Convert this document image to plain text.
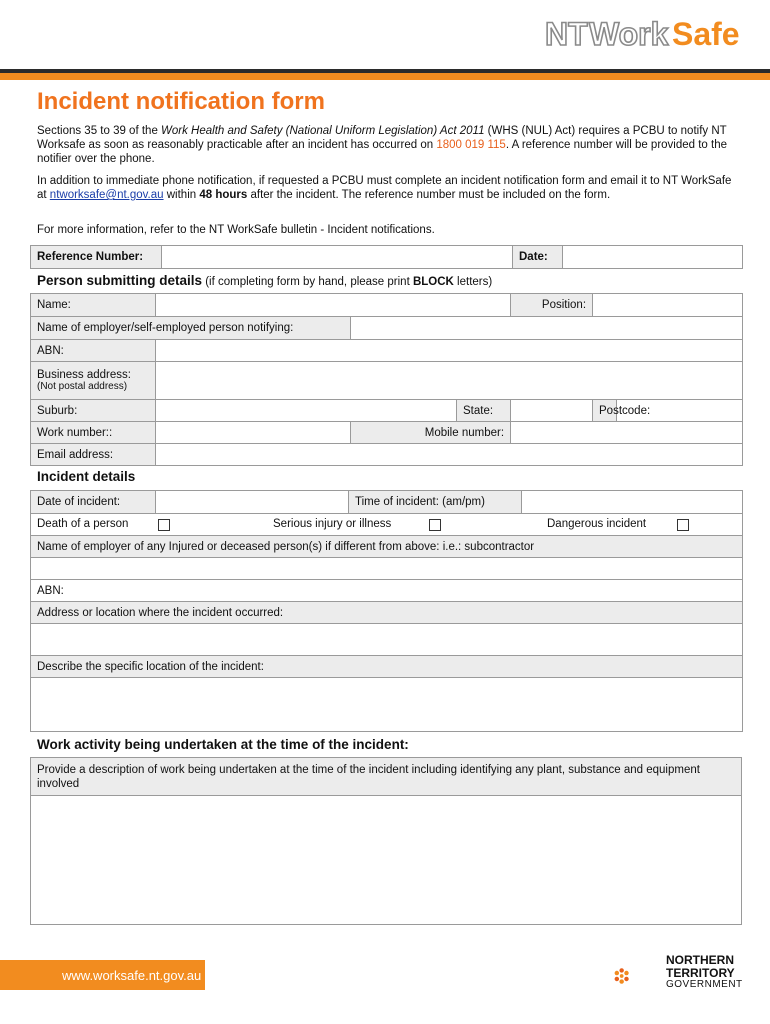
NT Work Safe
Incident notification form

Sections 35 to 39 of the Work Health and Safety (National Uniform Legislation) Act 2011 (WHS (NUL) Act) requires a PCBU to notify NT Worksafe as soon as reasonably practicable after an incident has occurred on 1800 019 115. A reference number will be provided to the notifier over the phone.

In addition to immediate phone notification, if requested a PCBU must complete an incident notification form and email it to NT WorkSafe at ntworksafe@nt.gov.au within 48 hours after the incident. The reference number must be included on the form.

For more information, refer to the NT WorkSafe bulletin - Incident notifications.

Reference Number:		Date:	
Person submitting details (if completing form by hand, please print BLOCK letters)
Name:				Position:		
Name of employer/self-employed person notifying:						
ABN:						

Business address:
(Not postal address)						

Suburb:			State:		Postcode:	
Work number::		Mobile number:				
Email address:						
Incident details
Date of incident:		Time of incident: (am/pm)	

Death of a person	Serious injury or illness	Dangerous incident

Name of employer of any Injured or deceased person(s) if different from above: i.e.: subcontractor

ABN:
Address or location where the incident occurred:

Describe the specific location of the incident:

Work activity being undertaken at the time of the incident:
Provide a description of work being undertaken at the time of the incident including identifying any plant, substance and equipment involved

www.worksafe.nt.gov.au
NORTHERN
TERRITORY
GOVERNMENT
